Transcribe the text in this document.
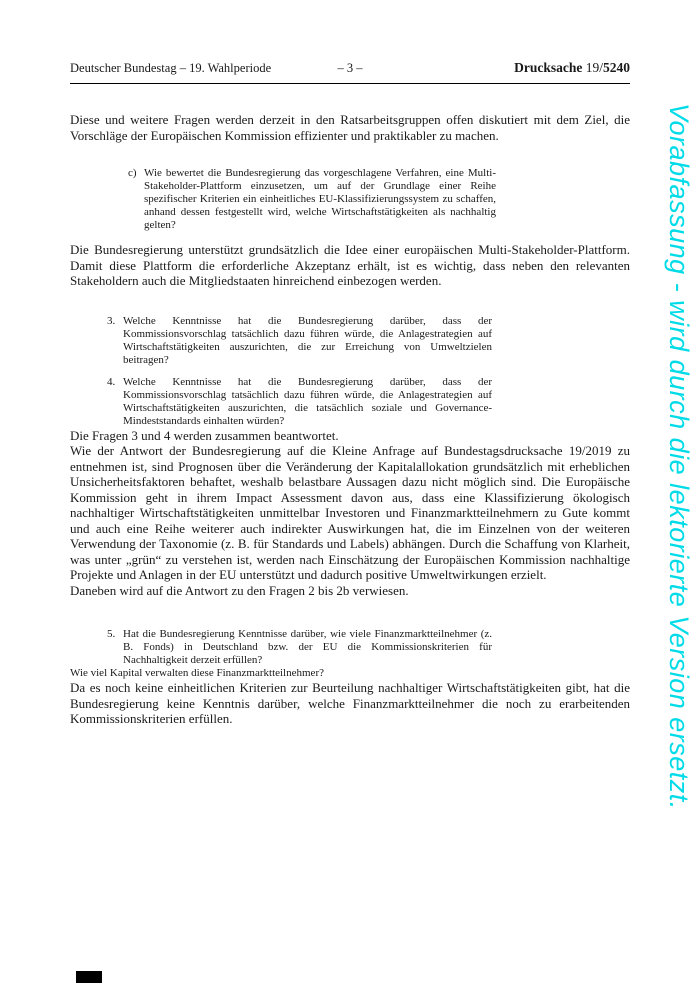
Deutscher Bundestag – 19. Wahlperiode	– 3 –	Drucksache 19/5240

Diese und weitere Fragen werden derzeit in den Ratsarbeitsgruppen offen diskutiert mit dem Ziel, die Vorschläge der Europäischen Kommission effizienter und praktikabler zu machen.

c) Wie bewertet die Bundesregierung das vorgeschlagene Verfahren, eine Multi-Stakeholder-Plattform einzusetzen, um auf der Grundlage einer Reihe spezifischer Kriterien ein einheitliches EU-Klassifizierungssystem zu schaffen, anhand dessen festgestellt wird, welche Wirtschaftstätigkeiten als nachhaltig gelten?

Die Bundesregierung unterstützt grundsätzlich die Idee einer europäischen Multi-Stakeholder-Plattform. Damit diese Plattform die erforderliche Akzeptanz erhält, ist es wichtig, dass neben den relevanten Stakeholdern auch die Mitgliedstaaten hinreichend einbezogen werden.

3. Welche Kenntnisse hat die Bundesregierung darüber, dass der Kommissionsvorschlag tatsächlich dazu führen würde, die Anlagestrategien auf Wirtschaftstätigkeiten auszurichten, die zur Erreichung von Umweltzielen beitragen?
4. Welche Kenntnisse hat die Bundesregierung darüber, dass der Kommissionsvorschlag tatsächlich dazu führen würde, die Anlagestrategien auf Wirtschaftstätigkeiten auszurichten, die tatsächlich soziale und Governance-Mindeststandards einhalten würden?

Die Fragen 3 und 4 werden zusammen beantwortet.

Wie der Antwort der Bundesregierung auf die Kleine Anfrage auf Bundestagsdrucksache 19/2019 zu entnehmen ist, sind Prognosen über die Veränderung der Kapitalallokation grundsätzlich mit erheblichen Unsicherheitsfaktoren behaftet, weshalb belastbare Aussagen dazu nicht möglich sind. Die Europäische Kommission geht in ihrem Impact Assessment davon aus, dass eine Klassifizierung ökologisch nachhaltiger Wirtschaftstätigkeiten unmittelbar Investoren und Finanzmarktteilnehmern zu Gute kommt und auch eine Reihe weiterer auch indirekter Auswirkungen hat, die im Einzelnen von der weiteren Verwendung der Taxonomie (z. B. für Standards und Labels) abhängen. Durch die Schaffung von Klarheit, was unter „grün“ zu verstehen ist, werden nach Einschätzung der Europäischen Kommission nachhaltige Projekte und Anlagen in der EU unterstützt und dadurch positive Umweltwirkungen erzielt.

Daneben wird auf die Antwort zu den Fragen 2 bis 2b verwiesen.

5. Hat die Bundesregierung Kenntnisse darüber, wie viele Finanzmarktteilnehmer (z. B. Fonds) in Deutschland bzw. der EU die Kommissionskriterien für Nachhaltigkeit derzeit erfüllen?

Wie viel Kapital verwalten diese Finanzmarktteilnehmer?

Da es noch keine einheitlichen Kriterien zur Beurteilung nachhaltiger Wirtschaftstätigkeiten gibt, hat die Bundesregierung keine Kenntnis darüber, welche Finanzmarktteilnehmer die noch zu erarbeitenden Kommissionskriterien erfüllen.	Vorabfassung - wird durch die lektorierte Version ersetzt.
